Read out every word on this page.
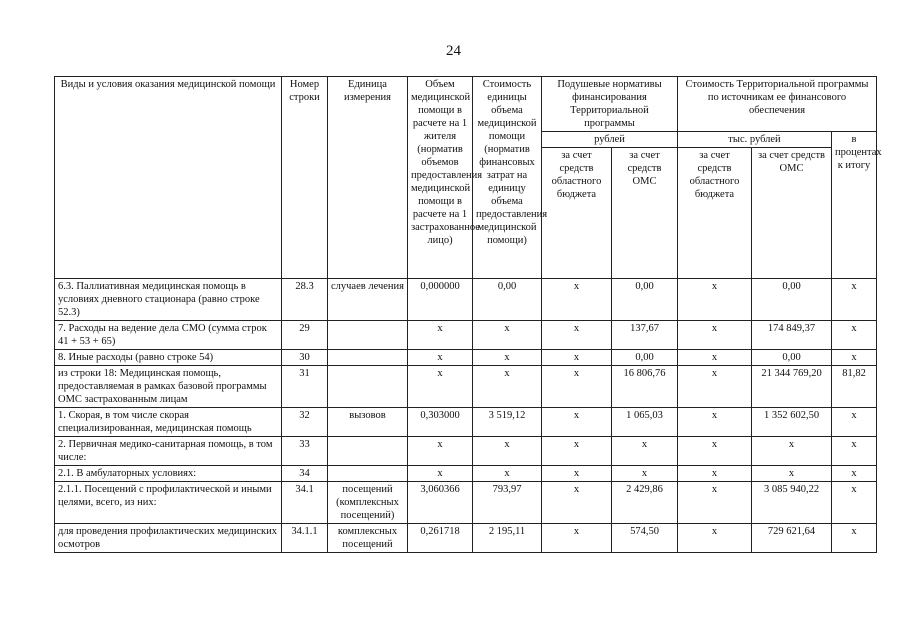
24
Виды и условия оказания медицинской помощи	Номер строки	Единица измерения	Объем медицинской помощи в расчете на 1 жителя (норматив объемов предоставления медицинской помощи в расчете на 1 застрахованное лицо)	Стоимость единицы объема медицинской помощи (норматив финансовых затрат на единицу объема предоставления медицинской помощи)	Подушевые нормативы финансирования Территориальной программы		Стоимость Территориальной программы по источникам ее финансового обеспечения		
					рублей		тыс. рублей		в процентах к итогу
					за счет средств областного бюджета	за счет средств ОМС	за счет средств областного бюджета	за счет средств ОМС	
6.3. Паллиативная медицинская помощь в условиях дневного стационара (равно строке 52.3)	28.3	случаев лечения	0,000000	0,00	x	0,00	x	0,00	x
7. Расходы на ведение дела СМО (сумма строк 41 + 53 + 65)	29		x	x	x	137,67	x	174 849,37	x
8. Иные расходы (равно строке 54)	30		x	x	x	0,00	x	0,00	x
из строки 18: Медицинская помощь, предоставляемая в рамках базовой программы ОМС застрахованным лицам	31		x	x	x	16 806,76	x	21 344 769,20	81,82
1. Скорая, в том числе скорая специализированная, медицинская помощь	32	вызовов	0,303000	3 519,12	x	1 065,03	x	1 352 602,50	x
2. Первичная медико-санитарная помощь, в том числе:	33		x	x	x	x	x	x	x
2.1. В амбулаторных условиях:	34		x	x	x	x	x	x	x
2.1.1. Посещений с профилактической и иными целями, всего, из них:	34.1	посещений (комплексных посещений)	3,060366	793,97	x	2 429,86	x	3 085 940,22	x
для проведения профилактических медицинских осмотров	34.1.1	комплексных посещений	0,261718	2 195,11	x	574,50	x	729 621,64	x
